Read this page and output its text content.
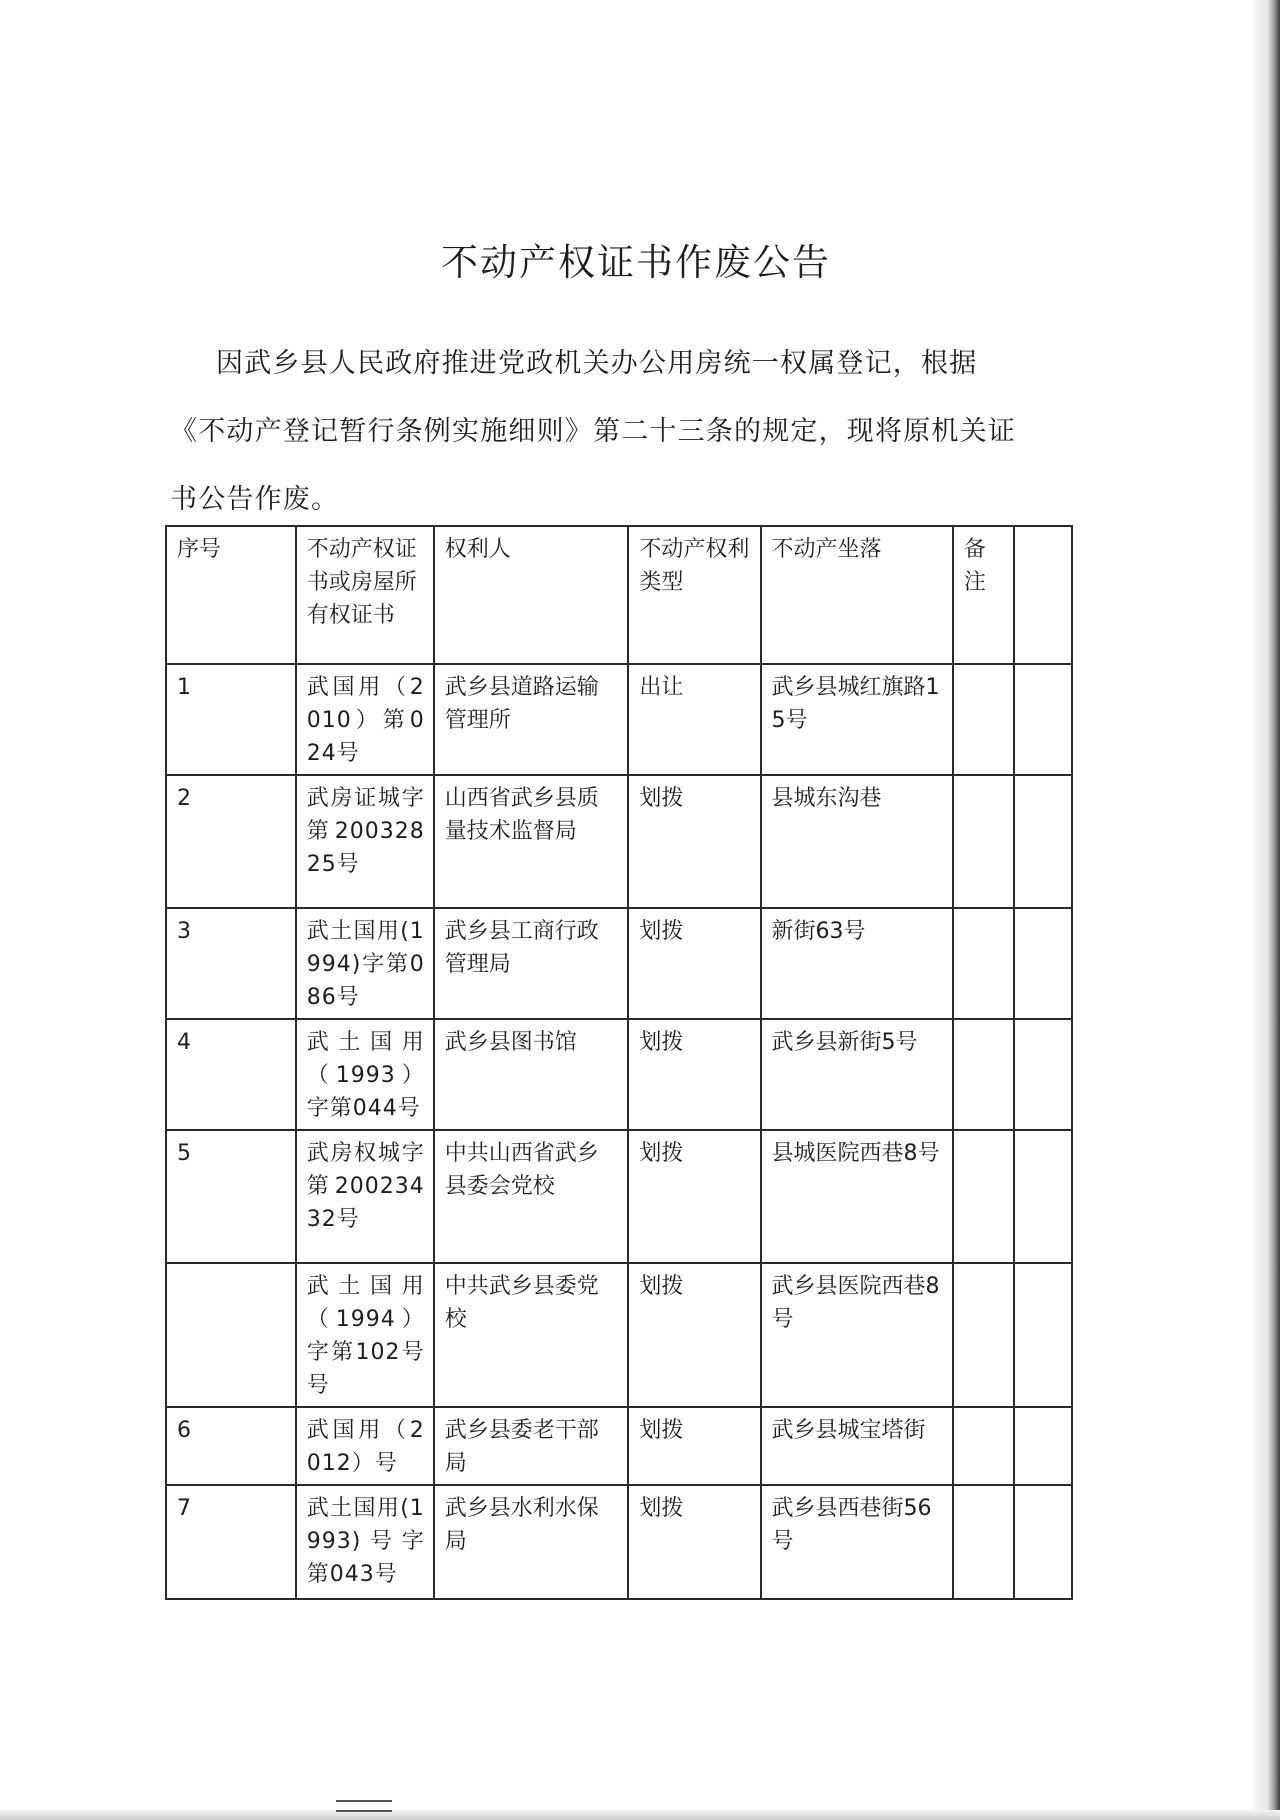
不动产权证书作废公告
因武乡县人民政府推进党政机关办公用房统一权属登记，根据
《不动产登记暂行条例实施细则》第二十三条的规定，现将原机关证
书公告作废。
序号	不动产权证书或房屋所有权证书	权利人	不动产权利类型	不动产坐落	备注	
1	武国用（2010）第024号	武乡县道路运输管理所	出让	武乡县城红旗路15号		
2	武房证城字第20032825号	山西省武乡县质量技术监督局	划拨	县城东沟巷		
3	武土国用(1994)字第086号	武乡县工商行政管理局	划拨	新街63号		
4	武土国用（1993）字第044号	武乡县图书馆	划拨	武乡县新街5号		
5	武房权城字第20023432号	中共山西省武乡县委会党校	划拨	县城医院西巷8号		
	武土国用（1994）字第102号号	中共武乡县委党校	划拨	武乡县医院西巷8号		
6	武国用（2012）号	武乡县委老干部局	划拨	武乡县城宝塔街		
7	武土国用(1993)号字第043号	武乡县水利水保局	划拨	武乡县西巷街56号		
